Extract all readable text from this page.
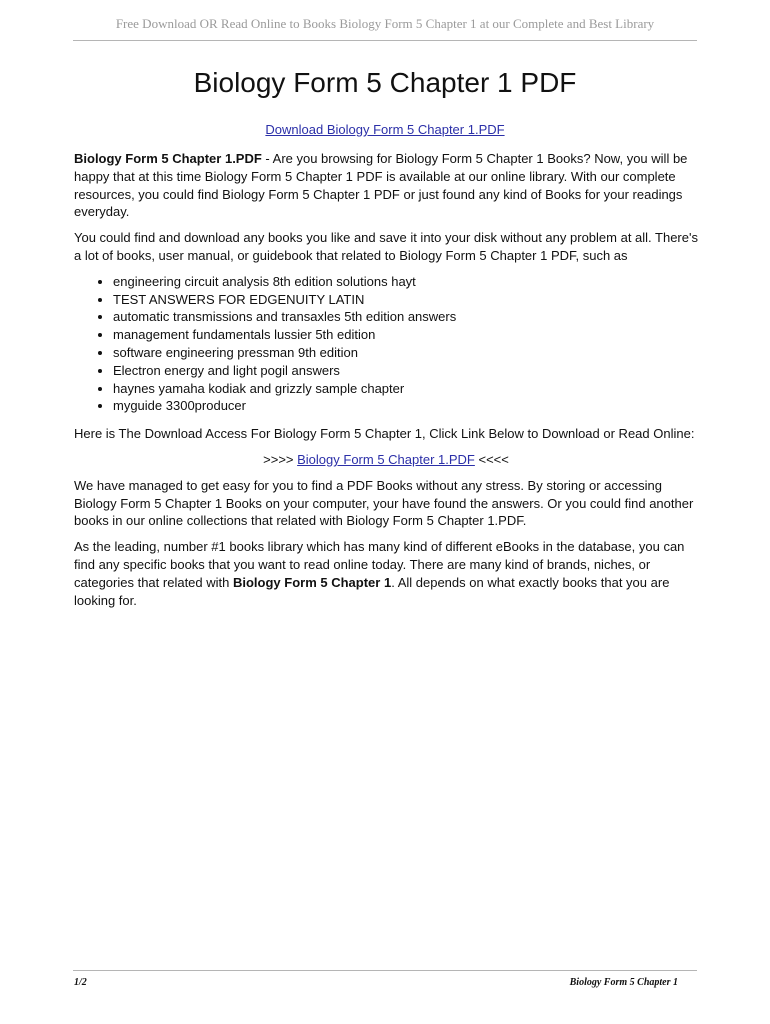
Free Download OR Read Online to Books Biology Form 5 Chapter 1 at our Complete and Best Library
Biology Form 5 Chapter 1 PDF
Download Biology Form 5 Chapter 1.PDF

Biology Form 5 Chapter 1.PDF - Are you browsing for Biology Form 5 Chapter 1 Books? Now, you will be happy that at this time Biology Form 5 Chapter 1 PDF is available at our online library. With our complete resources, you could find Biology Form 5 Chapter 1 PDF or just found any kind of Books for your readings everyday.

You could find and download any books you like and save it into your disk without any problem at all. There's a lot of books, user manual, or guidebook that related to Biology Form 5 Chapter 1 PDF, such as

• engineering circuit analysis 8th edition solutions hayt
• TEST ANSWERS FOR EDGENUITY LATIN
• automatic transmissions and transaxles 5th edition answers
• management fundamentals lussier 5th edition
• software engineering pressman 9th edition
• Electron energy and light pogil answers
• haynes yamaha kodiak and grizzly sample chapter
• myguide 3300producer

Here is The Download Access For Biology Form 5 Chapter 1, Click Link Below to Download or Read Online:

>>>> Biology Form 5 Chapter 1.PDF <<<<

We have managed to get easy for you to find a PDF Books without any stress. By storing or accessing Biology Form 5 Chapter 1 Books on your computer, your have found the answers. Or you could find another books in our online collections that related with Biology Form 5 Chapter 1.PDF.

As the leading, number #1 books library which has many kind of different eBooks in the database, you can find any specific books that you want to read online today. There are many kind of brands, niches, or categories that related with Biology Form 5 Chapter 1. All depends on what exactly books that you are looking for.

1/2	Biology Form 5 Chapter 1
